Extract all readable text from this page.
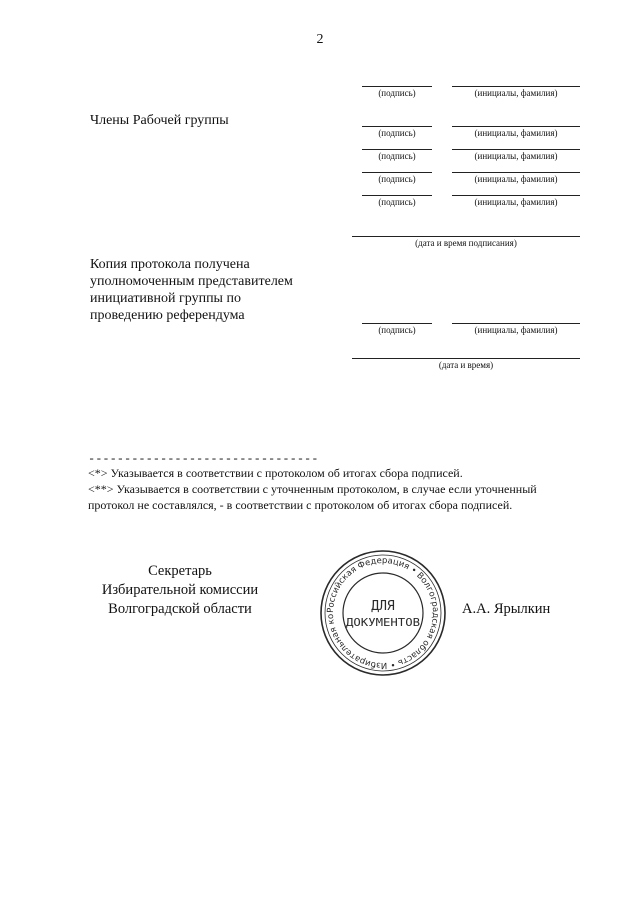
2
(подпись)	(инициалы, фамилия)
Члены Рабочей группы
(подпись)	(инициалы, фамилия)
(подпись)	(инициалы, фамилия)
(подпись)	(инициалы, фамилия)
(подпись)	(инициалы, фамилия)
(дата и время подписания)
Копия протокола получена
уполномоченным представителем
инициативной группы по
проведению референдума
(подпись)	(инициалы, фамилия)
(дата и время)
--------------------------------
<*> Указывается в соответствии с протоколом об итогах сбора подписей.
<**> Указывается в соответствии с уточненным протоколом, в случае если уточненный
протокол не составлялся, - в соответствии с протоколом об итогах сбора подписей.
Секретарь
Избирательной комиссии
Волгоградской области	Российская Федерация • Волгоградская область • Избирательная ко
ДЛЯ
ДОКУМЕНТОВ
А.А. Ярылкин
